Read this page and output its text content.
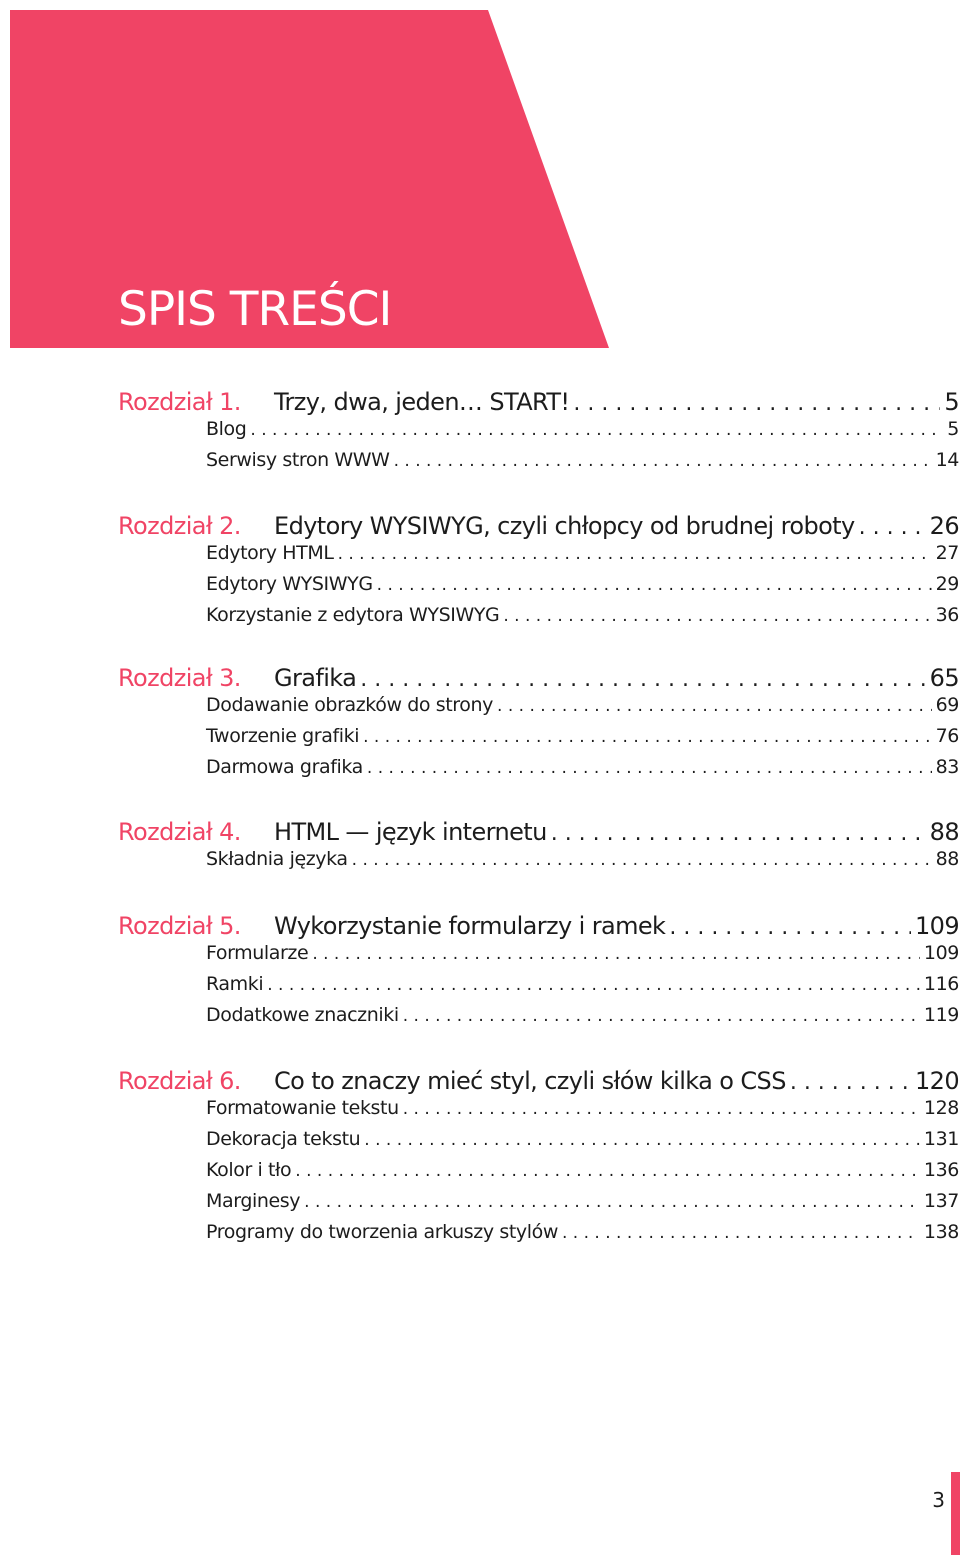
SPIS TREŚCI
Rozdział 1.	Trzy, dwa, jeden… START! . . .	5
Blog . . .	5
Serwisy stron WWW . . .	14
Rozdział 2.	Edytory WYSIWYG, czyli chłopcy od brudnej roboty . . .	26
Edytory HTML . . .	27
Edytory WYSIWYG . . .	29
Korzystanie z edytora WYSIWYG . . .	36
Rozdział 3.	Grafika . . .	65
Dodawanie obrazków do strony . . .	69
Tworzenie grafiki . . .	76
Darmowa grafika . . .	83
Rozdział 4.	HTML — język internetu . . .	88
Składnia języka . . .	88
Rozdział 5.	Wykorzystanie formularzy i ramek . . .	109
Formularze . . .	109
Ramki . . .	116
Dodatkowe znaczniki . . .	119
Rozdział 6.	Co to znaczy mieć styl, czyli słów kilka o CSS . . .	120
Formatowanie tekstu . . .	128
Dekoracja tekstu . . .	131
Kolor i tło . . .	136
Marginesy . . .	137
Programy do tworzenia arkuszy stylów . . .	138
3
